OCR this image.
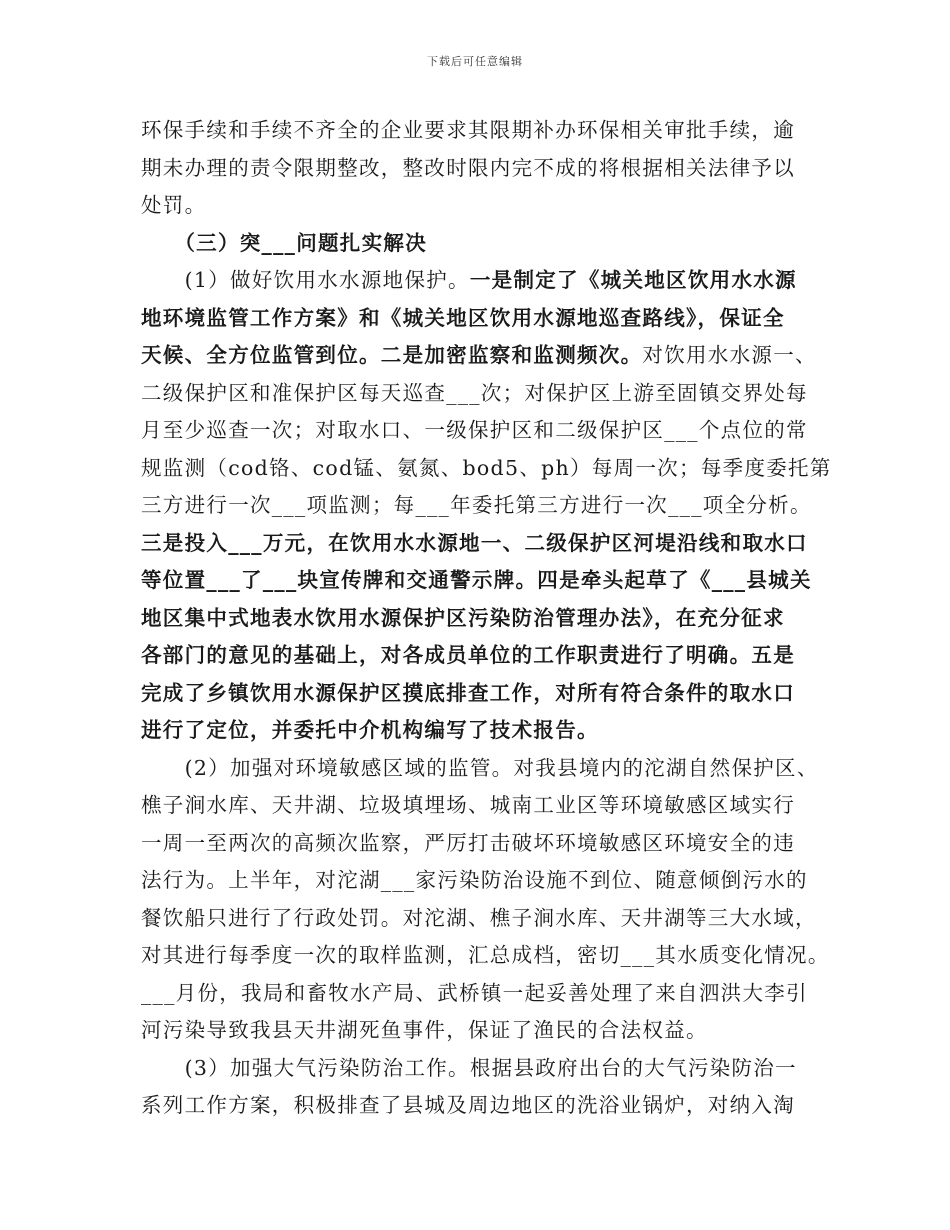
下载后可任意编辑
环保手续和手续不齐全的企业要求其限期补办环保相关审批手续，逾
期未办理的责令限期整改，整改时限内完不成的将根据相关法律予以
处罚。
　　（三）突___问题扎实解决
　　(1）做好饮用水水源地保护。一是制定了《城关地区饮用水水源
地环境监管工作方案》和《城关地区饮用水源地巡查路线》，保证全
天候、全方位监管到位。二是加密监察和监测频次。对饮用水水源一、
二级保护区和准保护区每天巡查___次；对保护区上游至固镇交界处每
月至少巡查一次；对取水口、一级保护区和二级保护区___个点位的常
规监测（cod铬、cod锰、氨氮、bod5、ph）每周一次；每季度委托第
三方进行一次___项监测；每___年委托第三方进行一次___项全分析。
三是投入___万元，在饮用水水源地一、二级保护区河堤沿线和取水口
等位置___了___块宣传牌和交通警示牌。四是牵头起草了《___县城关
地区集中式地表水饮用水源保护区污染防治管理办法》，在充分征求
各部门的意见的基础上，对各成员单位的工作职责进行了明确。五是
完成了乡镇饮用水源保护区摸底排查工作，对所有符合条件的取水口
进行了定位，并委托中介机构编写了技术报告。
　　(2）加强对环境敏感区域的监管。对我县境内的沱湖自然保护区、
樵子涧水库、天井湖、垃圾填埋场、城南工业区等环境敏感区域实行
一周一至两次的高频次监察，严厉打击破坏环境敏感区环境安全的违
法行为。上半年，对沱湖___家污染防治设施不到位、随意倾倒污水的
餐饮船只进行了行政处罚。对沱湖、樵子涧水库、天井湖等三大水域，
对其进行每季度一次的取样监测，汇总成档，密切___其水质变化情况。
___月份，我局和畜牧水产局、武桥镇一起妥善处理了来自泗洪大李引
河污染导致我县天井湖死鱼事件，保证了渔民的合法权益。
　　(3）加强大气污染防治工作。根据县政府出台的大气污染防治一
系列工作方案，积极排查了县城及周边地区的洗浴业锅炉，对纳入淘
